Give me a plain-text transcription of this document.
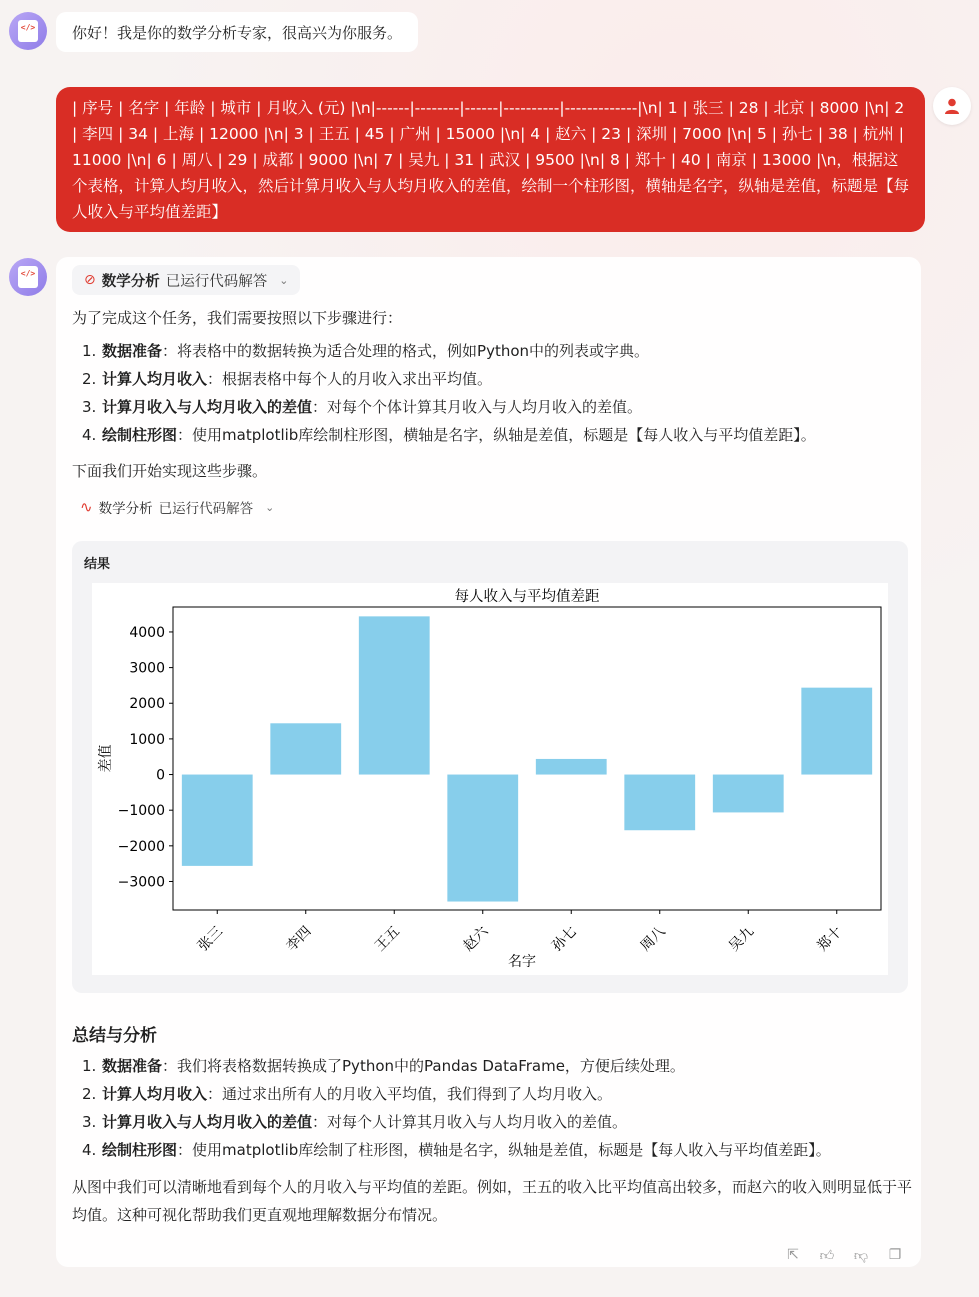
</> 你好！我是你的数学分析专家，很高兴为你服务。
| 序号 | 名字 | 年龄 | 城市 | 月收入 (元) |\n|------|--------|------|----------|-------------|\n| 1 | 张三 | 28 | 北京 | 8000 |\n| 2 | 李四 | 34 | 上海 | 12000 |\n| 3 | 王五 | 45 | 广州 | 15000 |\n| 4 | 赵六 | 23 | 深圳 | 7000 |\n| 5 | 孙七 | 38 | 杭州 | 11000 |\n| 6 | 周八 | 29 | 成都 | 9000 |\n| 7 | 吴九 | 31 | 武汉 | 9500 |\n| 8 | 郑十 | 40 | 南京 | 13000 |\n，根据这个表格，计算人均月收入，然后计算月收入与人均月收入的差值，绘制一个柱形图，横轴是名字，纵轴是差值，标题是【每人收入与平均值差距】
</>	⊘ 数学分析 已运行代码解答 ⌄
为了完成这个任务，我们需要按照以下步骤进行：
1. 数据准备：将表格中的数据转换为适合处理的格式，例如Python中的列表或字典。
2. 计算人均月收入：根据表格中每个人的月收入求出平均值。
3. 计算月收入与人均月收入的差值：对每个个体计算其月收入与人均月收入的差值。
4. 绘制柱形图：使用matplotlib库绘制柱形图，横轴是名字，纵轴是差值，标题是【每人收入与平均值差距】。
下面我们开始实现这些步骤。
∿ 数学分析 已运行代码解答 ⌄
结果
4000
3000
2000
1000
0
−1000
−2000
−3000
张三	李四	王五	赵六	孙七	周八	吴九	郑十
每人收入与平均值差距
名字
差值
总结与分析
1. 数据准备：我们将表格数据转换成了Python中的Pandas DataFrame，方便后续处理。
2. 计算人均月收入：通过求出所有人的月收入平均值，我们得到了人均月收入。
3. 计算月收入与人均月收入的差值：对每个人计算其月收入与人均月收入的差值。
4. 绘制柱形图：使用matplotlib库绘制了柱形图，横轴是名字，纵轴是差值，标题是【每人收入与平均值差距】。
从图中我们可以清晰地看到每个人的月收入与平均值的差距。例如，王五的收入比平均值高出较多，而赵六的收入则明显低于平均值。这种可视化帮助我们更直观地理解数据分布情况。
⇱ 👍︎ 👎︎ ❐
